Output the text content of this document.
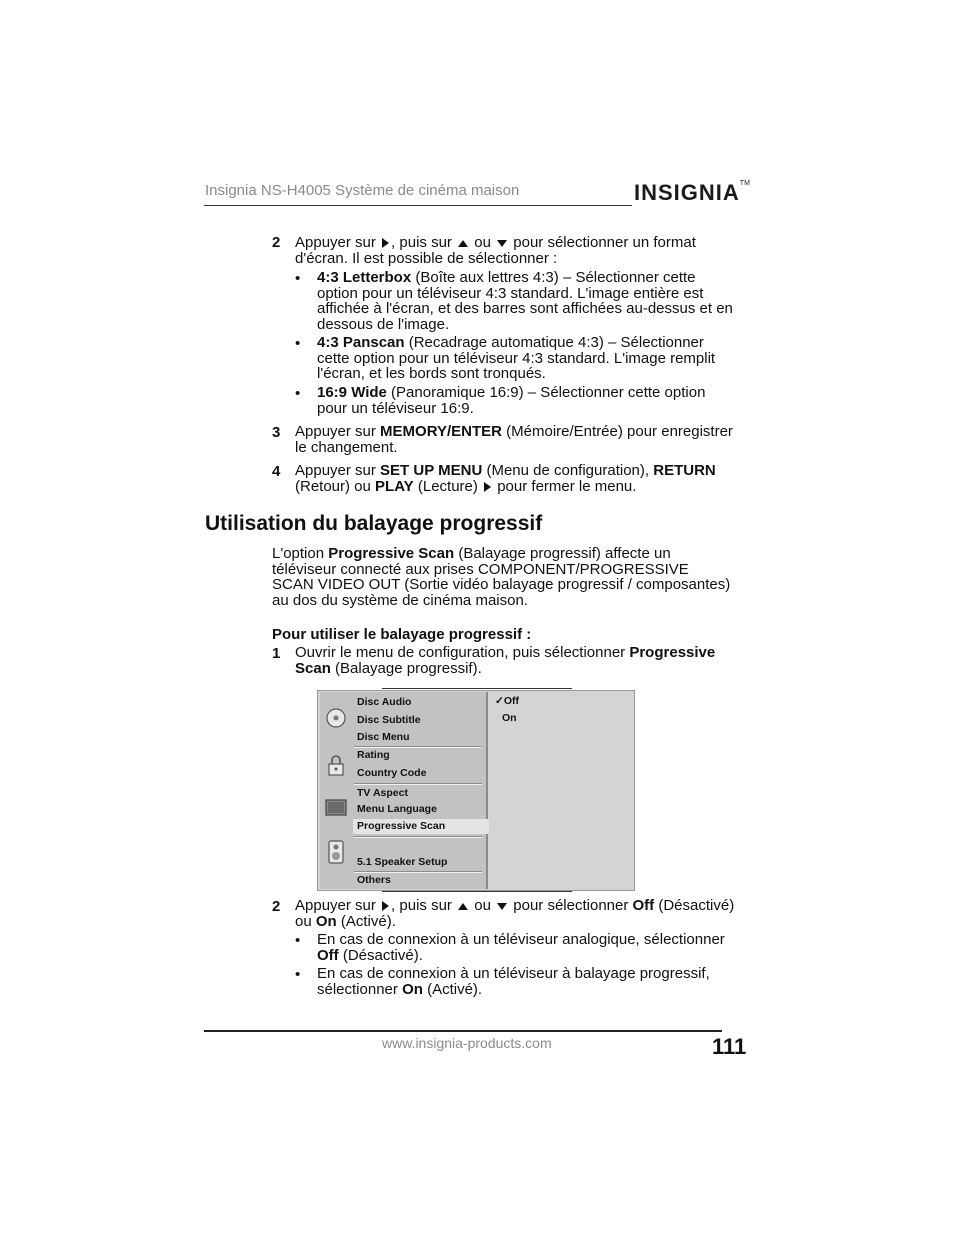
Insignia NS-H4005 Système de cinéma maison	INSIGNIA™
2 Appuyer sur , puis sur  ou  pour sélectionner un format
d'écran. Il est possible de sélectionner :
• 4:3 Letterbox (Boîte aux lettres 4:3) – Sélectionner cette
option pour un téléviseur 4:3 standard. L'image entière est
affichée à l'écran, et des barres sont affichées au-dessus et en
dessous de l'image.
• 4:3 Panscan (Recadrage automatique 4:3) – Sélectionner
cette option pour un téléviseur 4:3 standard. L'image remplit
l'écran, et les bords sont tronqués.
• 16:9 Wide (Panoramique 16:9) – Sélectionner cette option
pour un téléviseur 16:9.
3 Appuyer sur MEMORY/ENTER (Mémoire/Entrée) pour enregistrer
le changement.
4 Appuyer sur SET UP MENU (Menu de configuration), RETURN
(Retour) ou PLAY (Lecture)  pour fermer le menu.
Utilisation du balayage progressif
L'option Progressive Scan (Balayage progressif) affecte un
téléviseur connecté aux prises COMPONENT/PROGRESSIVE
SCAN VIDEO OUT (Sortie vidéo balayage progressif / composantes)
au dos du système de cinéma maison.
Pour utiliser le balayage progressif :
1 Ouvrir le menu de configuration, puis sélectionner Progressive
Scan (Balayage progressif).
Disc Audio
Disc Subtitle
Disc Menu
Rating
Country Code
TV Aspect
Menu Language
Progressive Scan
5.1 Speaker Setup
Others
✓Off
On
2 Appuyer sur , puis sur  ou  pour sélectionner Off (Désactivé)
ou On (Activé).
• En cas de connexion à un téléviseur analogique, sélectionner
Off (Désactivé).
• En cas de connexion à un téléviseur à balayage progressif,
sélectionner On (Activé).
www.insignia-products.com	111
